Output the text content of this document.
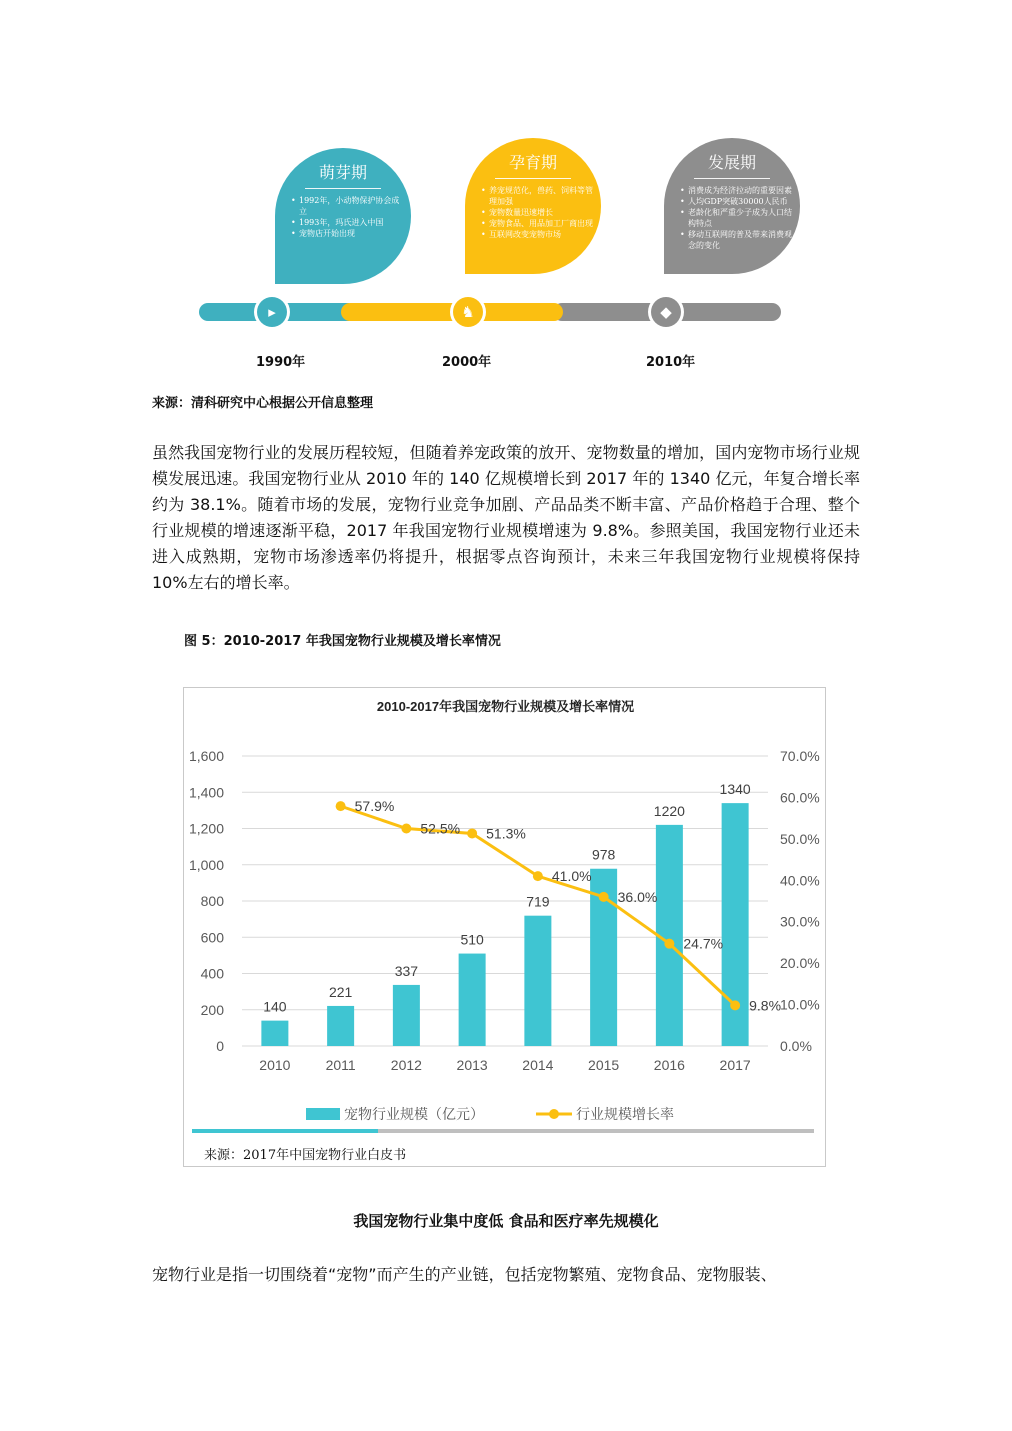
萌芽期
• 1992年，小动物保护协会成立
• 1993年，玛氏进入中国
• 宠物店开始出现
孕育期
• 养宠规范化，兽药、饲料等管理加强
• 宠物数量迅速增长
• 宠物食品、用品加工厂商出现
• 互联网改变宠物市场
发展期
• 消费成为经济拉动的重要因素
• 人均GDP突破30000人民币
• 老龄化和严重少子成为人口结构特点
• 移动互联网的普及带来消费观念的变化
▸	♞	◆
1990年	2000年	2010年
来源：清科研究中心根据公开信息整理
虽然我国宠物行业的发展历程较短，但随着养宠政策的放开、宠物数量的增加，国内宠物市场行业规模发展迅速。我国宠物行业从 2010 年的 140 亿规模增长到 2017 年的 1340 亿元，年复合增长率约为 38.1%。随着市场的发展，宠物行业竞争加剧、产品品类不断丰富、产品价格趋于合理、整个行业规模的增速逐渐平稳，2017 年我国宠物行业规模增速为 9.8%。参照美国，我国宠物行业还未进入成熟期，宠物市场渗透率仍将提升，根据零点咨询预计，未来三年我国宠物行业规模将保持 10%左右的增长率。
图 5：2010-2017 年我国宠物行业规模及增长率情况
2010-2017年我国宠物行业规模及增长率情况
0
200
400
600
800
1,000
1,200
1,400
1,600
0.0%
10.0%
20.0%
30.0%
40.0%
50.0%
60.0%
70.0%
140
221
337
510
719
978
1220
1340
2010	2011	2012 2013 2014 2015 2016 2017
57.9%
52.5% 51.3%
41.0%
36.0%
24.7%
9.8%
宠物行业规模（亿元）	行业规模增长率
来源：2017年中国宠物行业白皮书
我国宠物行业集中度低 食品和医疗率先规模化
宠物行业是指一切围绕着“宠物”而产生的产业链，包括宠物繁殖、宠物食品、宠物服装、
